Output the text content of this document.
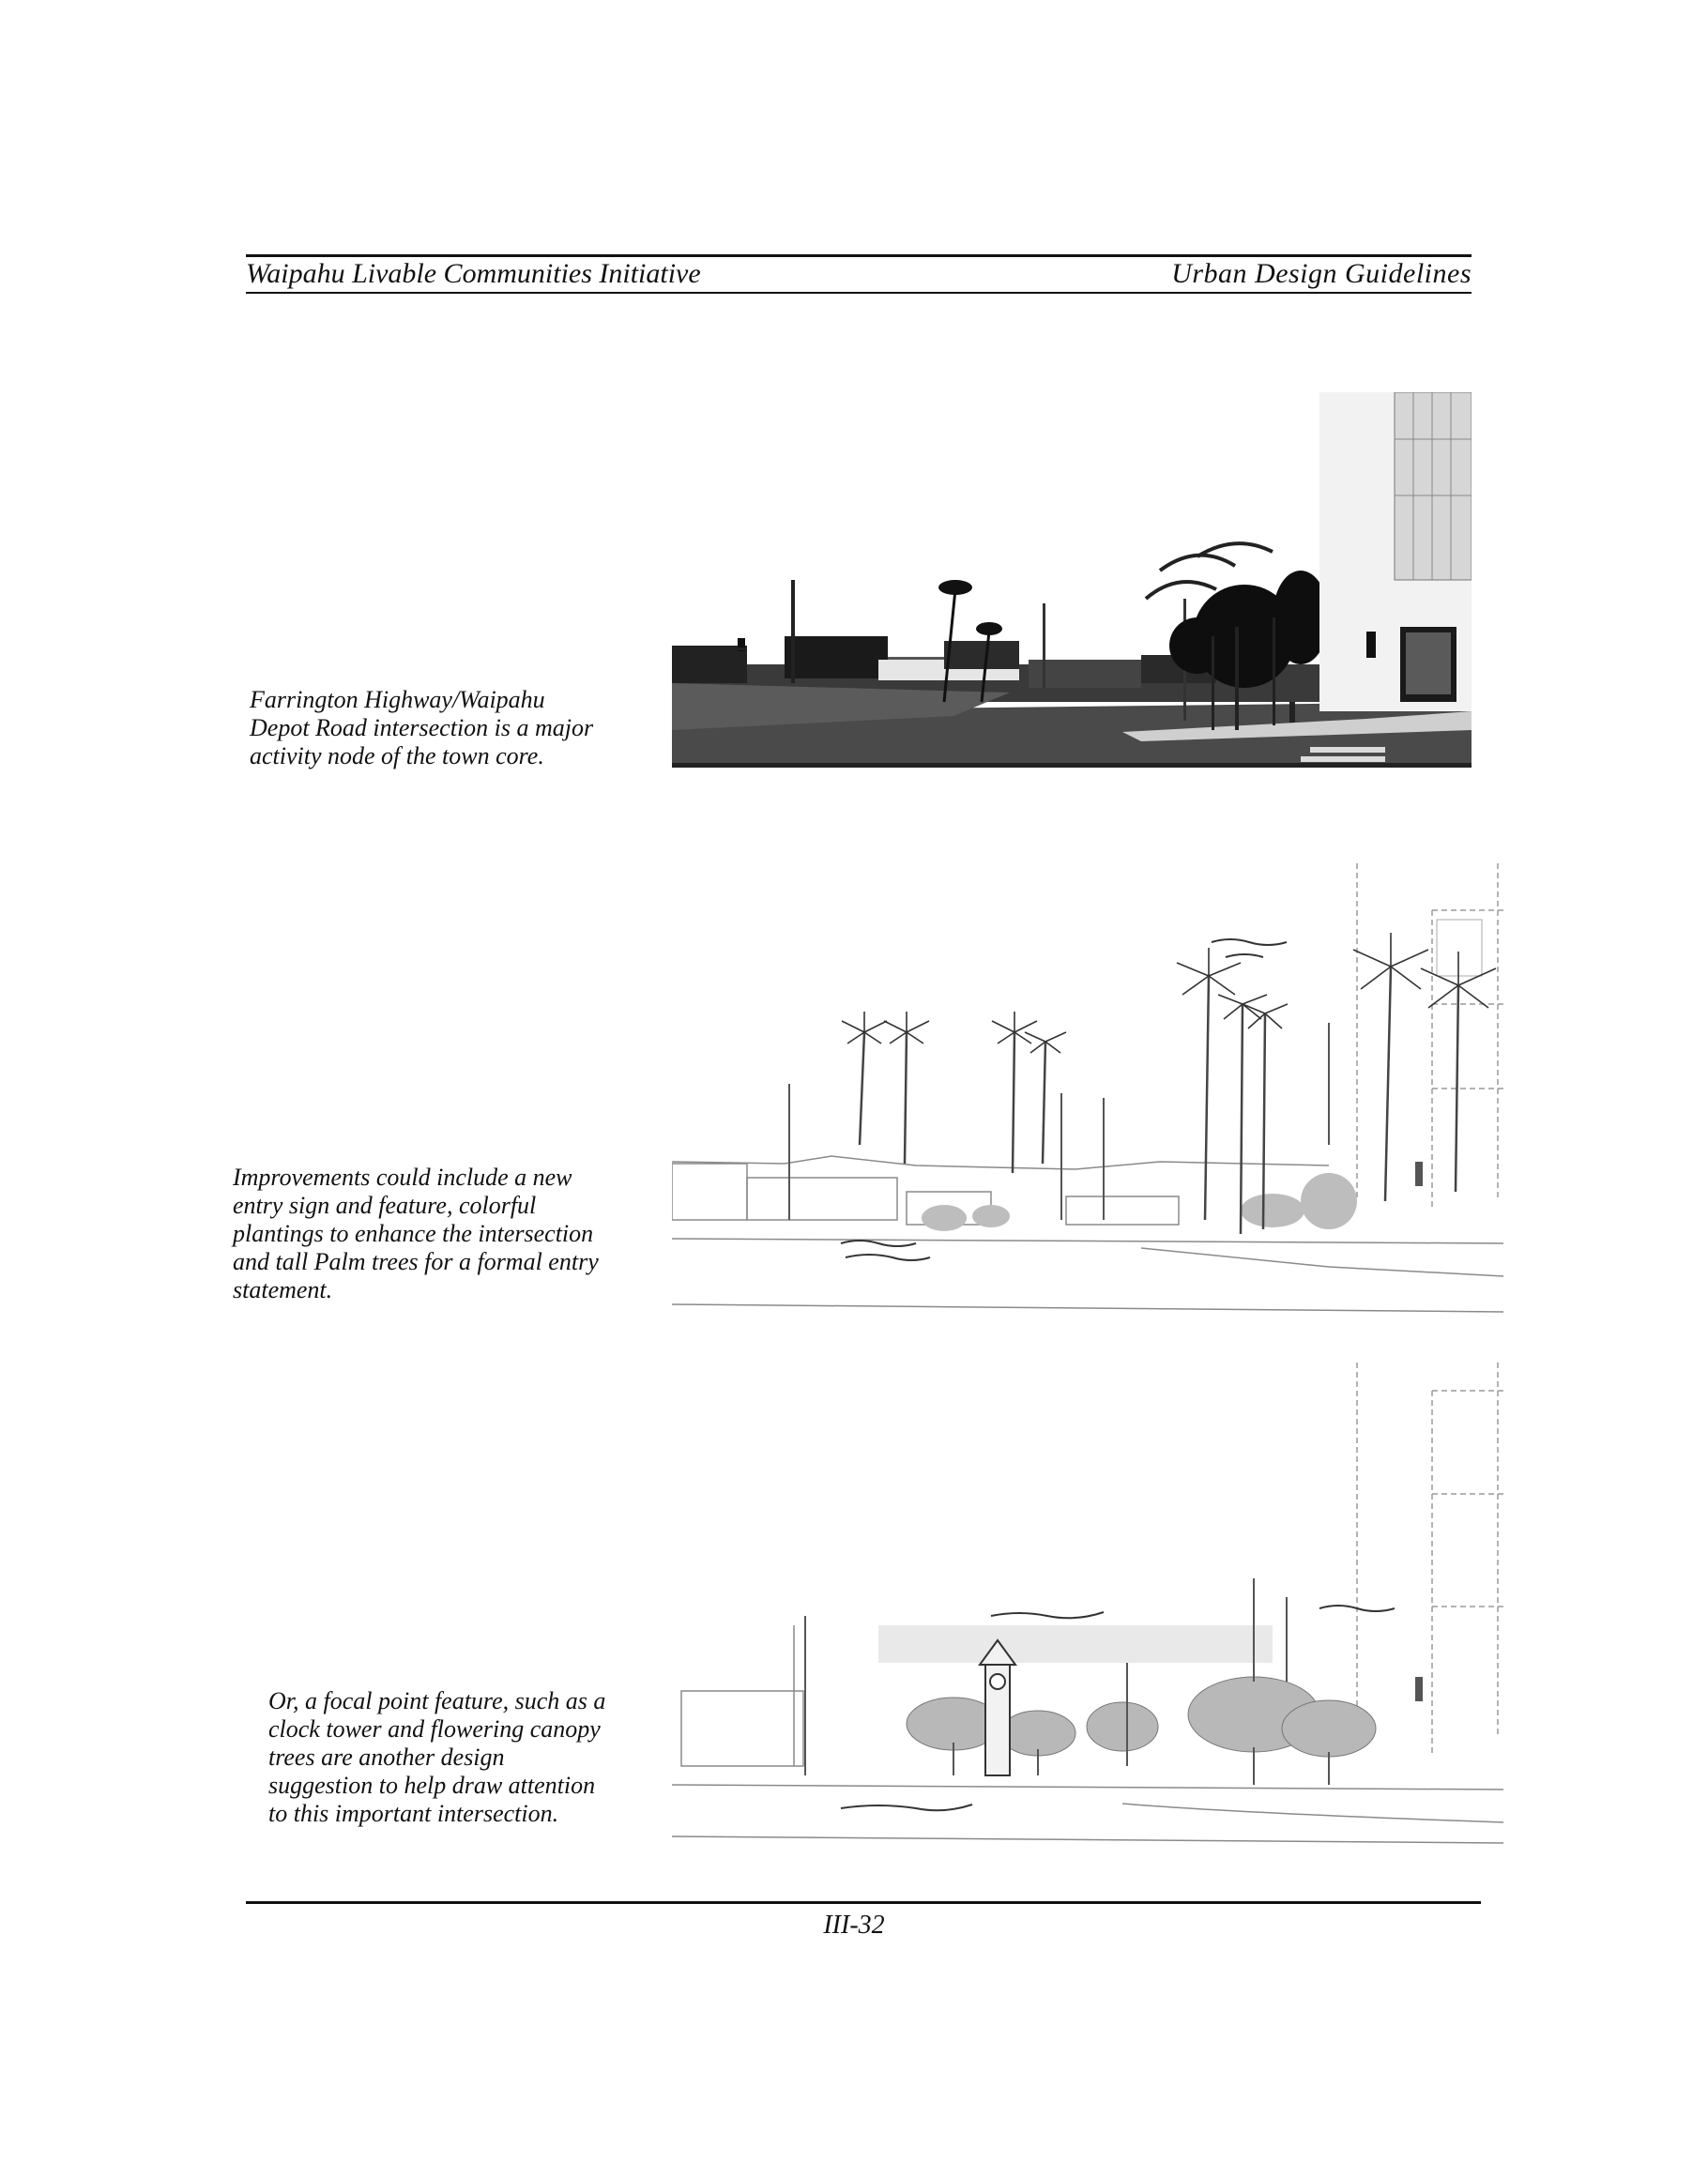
Waipahu Livable Communities Initiative	Urban Design Guidelines

Farrington Highway/Waipahu
Depot Road intersection is a major
activity node of the town core.

Improvements could include a new
entry sign and feature, colorful
plantings to enhance the intersection
and tall Palm trees for a formal entry
statement.

Or, a focal point feature, such as a
clock tower and flowering canopy
trees are another design
suggestion to help draw attention
to this important intersection.

III-32
